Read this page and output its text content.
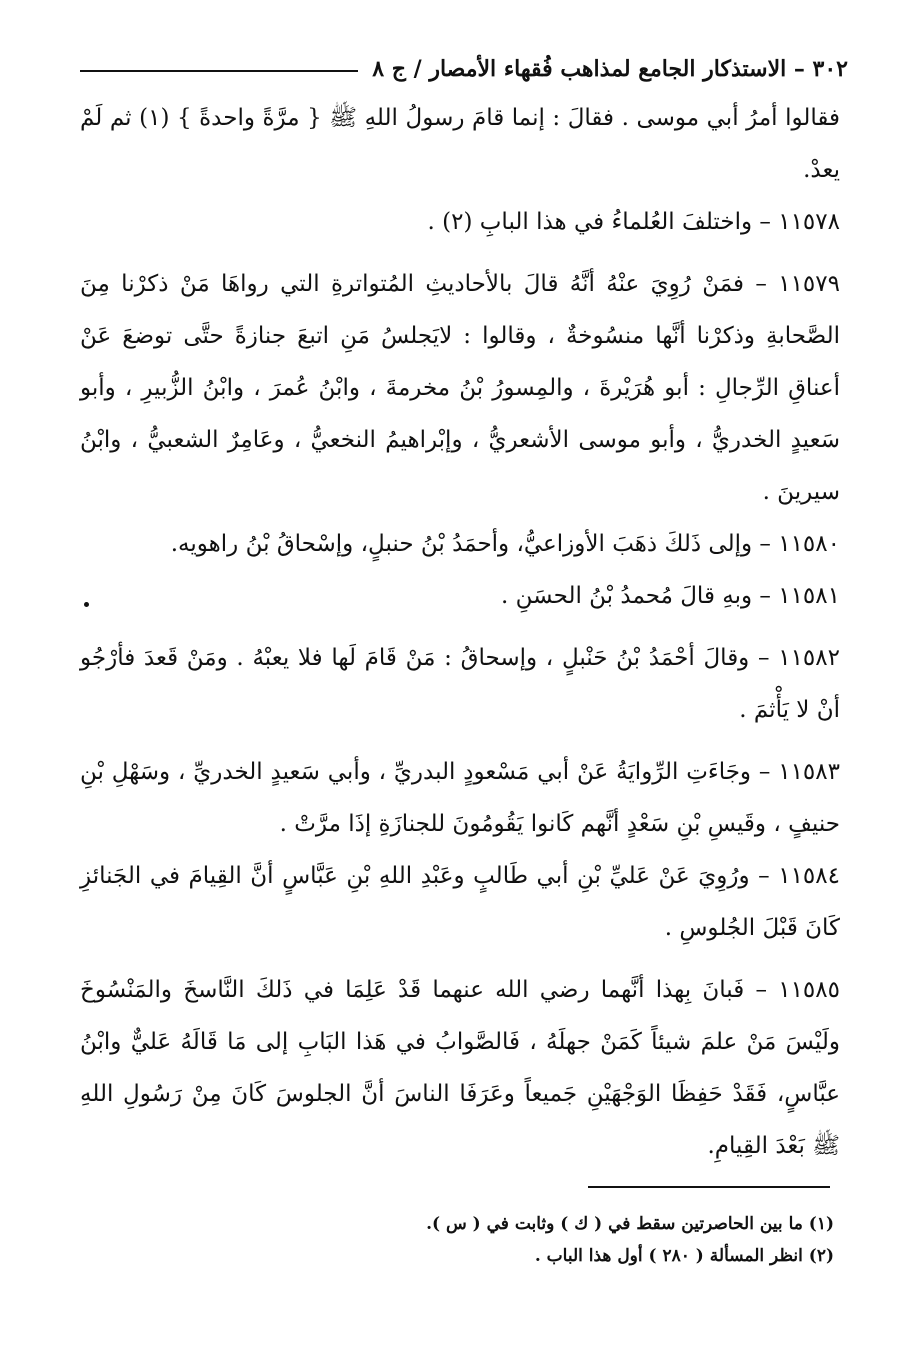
٣٠٢ – الاستذكار الجامع لمذاهب فُقهاء الأمصار / ج ٨

فقالوا أمرُ أبي موسى . فقالَ : إنما قامَ رسولُ اللهِ ﷺ { مرَّةً واحدةً } (١) ثم لَمْ يعدْ.

١١٥٧٨ – واختلفَ العُلماءُ في هذا البابِ (٢) .

١١٥٧٩ – فمَنْ رُوِيَ عنْهُ أنَّهُ قالَ بالأحاديثِ المُتواترةِ التي رواهَا مَنْ ذكرْنا مِنَ الصَّحابةِ وذكرْنا أنَّها منسُوخةٌ ، وقالوا : لايَجلسُ مَنِ اتبعَ جنازةً حتَّى توضعَ عَنْ أعناقِ الرِّجالِ : أبو هُرَيْرةَ ، والمِسورُ بْنُ مخرمةَ ، وابْنُ عُمرَ ، وابْنُ الزُّبيرِ ، وأبو سَعيدٍ الخدريُّ ، وأبو موسى الأشعريُّ ، وإبْراهيمُ النخعيُّ ، وعَامِرٌ الشعبيُّ ، وابْنُ سيرينَ .

١١٥٨٠ – وإلى ذَلكَ ذهَبَ الأوزاعيُّ، وأحمَدُ بْنُ حنبلٍ، وإسْحاقُ بْنُ راهويه.

١١٥٨١ – وبهِ قالَ مُحمدُ بْنُ الحسَنِ .

١١٥٨٢ – وقالَ أحْمَدُ بْنُ حَنْبلٍ ، وإسحاقُ : مَنْ قَامَ لَها فلا يعبْهُ . ومَنْ قَعدَ فأرْجُو أنْ لا يَأْثمَ .

١١٥٨٣ – وجَاءَتِ الرِّوايَةُ عَنْ أبي مَسْعودٍ البدريِّ ، وأبي سَعيدٍ الخدريِّ ، وسَهْلِ بْنِ حنيفٍ ، وقَيسِ بْنِ سَعْدٍ أنَّهم كَانوا يَقُومُونَ للجنازَةِ إذَا مرَّتْ .

١١٥٨٤ – ورُوِيَ عَنْ عَليِّ بْنِ أبي طَالبٍ وعَبْدِ اللهِ بْنِ عَبَّاسٍ أنَّ القِيامَ في الجَنائزِ كَانَ قَبْلَ الجُلوسِ .

١١٥٨٥ – فَبانَ بِهذا أنَّهما رضي الله عنهما قَدْ عَلِمَا في ذَلكَ النَّاسخَ والمَنْسُوخَ ولَيْسَ مَنْ علمَ شيئاً كَمَنْ جهلَهُ ، فَالصَّوابُ في هَذا البَابِ إلى مَا قَالَهُ عَليٌّ وابْنُ عبَّاسٍ، فَقَدْ حَفِظَا الوَجْهَيْنِ جَميعاً وعَرَفَا الناسَ أنَّ الجلوسَ كَانَ مِنْ رَسُولِ اللهِ ﷺ بَعْدَ القِيامِ.

(١) ما بين الحاصرتين سقط في ( ك ) وثابت في ( س ).

(٢) انظر المسألة ( ٢٨٠ ) أول هذا الباب .
